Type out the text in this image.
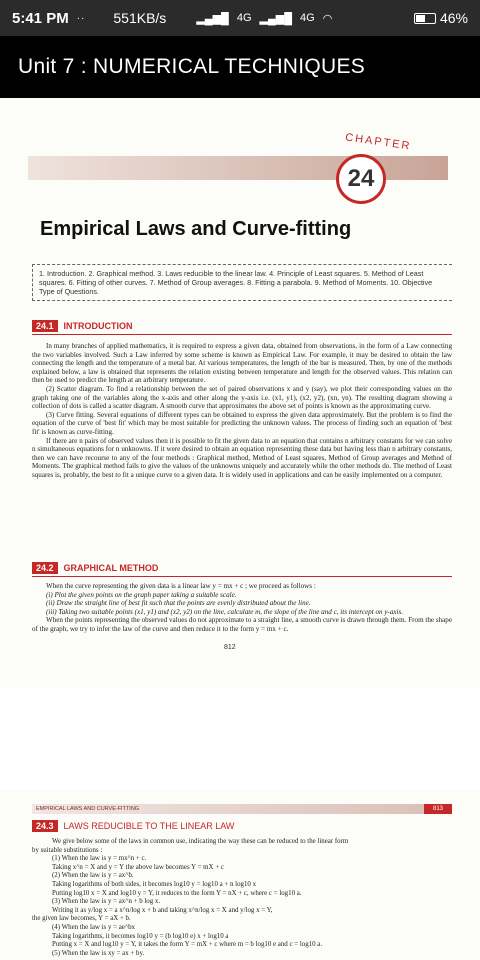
5:41 PM ·· 551KB/s	▂▄▆█ 4G ▂▄▆█ 4G ◠	46%
Unit 7 : NUMERICAL TECHNIQUES
CHAPTER
24
Empirical Laws and Curve-fitting
1. Introduction. 2. Graphical method. 3. Laws reducible to the linear law. 4. Principle of Least squares. 5. Method of Least squares. 6. Fitting of other curves. 7. Method of Group averages. 8. Fitting a parabola. 9. Method of Moments. 10. Objective Type of Questions.
24.1	INTRODUCTION

In many branches of applied mathematics, it is required to express a given data, obtained from observations, in the form of a Law connecting the two variables involved. Such a Law inferred by some scheme is known as Empirical Law. For example, it may be desired to obtain the law connecting the length and the temperature of a metal bar. At various temperatures, the length of the bar is measured. Then, by one of the methods explained below, a law is obtained that represents the relation existing between temperature and length for the observed values. This relation can then be used to predict the length at an arbitrary temperature.

(2) Scatter diagram. To find a relationship between the set of paired observations x and y (say), we plot their corresponding values on the graph taking one of the variables along the x-axis and other along the y-axis i.e. (x1, y1), (x2, y2), (xn, yn). The resulting diagram showing a collection of dots is called a scatter diagram. A smooth curve that approximates the above set of points is known as the approximating curve.

(3) Curve fitting. Several equations of different types can be obtained to express the given data approximately. But the problem is to find the equation of the curve of 'best fit' which may be most suitable for predicting the unknown values. The process of finding such an equation of 'best fit' is known as curve-fitting.

If there are n pairs of observed values then it is possible to fit the given data to an equation that contains n arbitrary constants for we can solve n simultaneous equations for n unknowns. If it were desired to obtain an equation representing these data but having less than n arbitrary constants, then we can have recourse to any of the four methods : Graphical method, Method of Least squares, Method of Group averages and Method of Moments. The graphical method fails to give the values of the unknowns uniquely and accurately while the other methods do. The method of Least squares is, probably, the best to fit a unique curve to a given data. It is widely used in applications and can be easily implemented on a computer.

24.2	GRAPHICAL METHOD

When the curve representing the given data is a linear law y = mx + c ; we proceed as follows :

(i) Plot the given points on the graph paper taking a suitable scale.
(ii) Draw the straight line of best fit such that the points are evenly distributed about the line.
(iii) Taking two suitable points (x1, y1) and (x2, y2) on the line, calculate m, the slope of the line and c, its intercept on y-axis.

When the points representing the observed values do not approximate to a straight line, a smooth curve is drawn through them. From the shape of the graph, we try to infer the law of the curve and then reduce it to the form y = mx + c.

812
EMPIRICAL LAWS AND CURVE-FITTING	813
24.3	LAWS REDUCIBLE TO THE LINEAR LAW
We give below some of the laws in common use, indicating the way these can be reduced to the linear form
by suitable substitutions :
(1) When the law is y = mx^n + c.
Taking x^n = X and y = Y the above law becomes Y = mX + c
(2) When the law is y = ax^b.
Taking logarithms of both sides, it becomes log10 y = log10 a + n log10 x
Putting log10 x = X and log10 y = Y, it reduces to the form Y = nX + c, where c = log10 a.
(3) When the law is y = ax^n + b log x.
Writing it as y/log x = a x^n/log x + b and taking x^n/log x = X and y/log x = Y,
the given law becomes, Y = aX + b.
(4) When the law is y = ae^bx
Taking logarithms, it becomes log10 y = (b log10 e) x + log10 a
Putting x = X and log10 y = Y, it takes the form Y = mX + c where m = b log10 e and c = log10 a.
(5) When the law is xy = ax + by.
